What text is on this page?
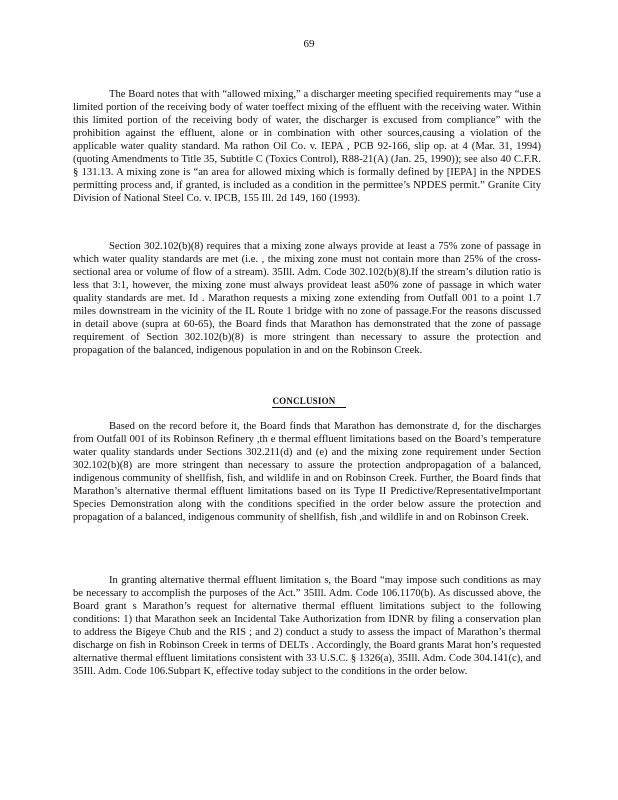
69

The Board notes that with “allowed mixing,” a discharger meeting specified requirements may “use a limited portion of the receiving body of water toeffect mixing of the effluent with the receiving water. Within this limited portion of the receiving body of water, the discharger is excused from compliance” with the prohibition against the effluent, alone or in combination with other sources,causing a violation of the applicable water quality standard. Ma rathon Oil Co. v. IEPA , PCB 92-166, slip op. at 4 (Mar. 31, 1994) (quoting Amendments to Title 35, Subtitle C (Toxics Control), R88-21(A) (Jan. 25, 1990)); see also 40 C.F.R. § 131.13. A mixing zone is “an area for allowed mixing which is formally defined by [IEPA] in the NPDES permitting process and, if granted, is included as a condition in the permittee’s NPDES permit.” Granite City Division of National Steel Co. v. IPCB, 155 Ill. 2d 149, 160 (1993).

Section 302.102(b)(8) requires that a mixing zone always provide at least a 75% zone of passage in which water quality standards are met (i.e. , the mixing zone must not contain more than 25% of the cross-sectional area or volume of flow of a stream). 35Ill. Adm. Code 302.102(b)(8).If the stream’s dilution ratio is less that 3:1, however, the mixing zone must always provideat least a50% zone of passage in which water quality standards are met. Id . Marathon requests a mixing zone extending from Outfall 001 to a point 1.7 miles downstream in the vicinity of the IL Route 1 bridge with no zone of passage.For the reasons discussed in detail above (supra at 60-65), the Board finds that Marathon has demonstrated that the zone of passage requirement of Section 302.102(b)(8) is more stringent than necessary to assure the protection and propagation of the balanced, indigenous population in and on the Robinson Creek.

CONCLUSION

Based on the record before it, the Board finds that Marathon has demonstrate d, for the discharges from Outfall 001 of its Robinson Refinery ,th e thermal effluent limitations based on the Board’s temperature water quality standards under Sections 302.211(d) and (e) and the mixing zone requirement under Section 302.102(b)(8) are more stringent than necessary to assure the protection andpropagation of a balanced, indigenous community of shellfish, fish, and wildlife in and on Robinson Creek. Further, the Board finds that Marathon’s alternative thermal effluent limitations based on its Type II Predictive/RepresentativeImportant Species Demonstration along with the conditions specified in the order below assure the protection and propagation of a balanced, indigenous community of shellfish, fish ,and wildlife in and on Robinson Creek.

In granting alternative thermal effluent limitation s, the Board “may impose such conditions as may be necessary to accomplish the purposes of the Act.” 35Ill. Adm. Code 106.1170(b). As discussed above, the Board grant s Marathon’s request for alternative thermal effluent limitations subject to the following conditions: 1) that Marathon seek an Incidental Take Authorization from IDNR by filing a conservation plan to address the Bigeye Chub and the RIS ; and 2) conduct a study to assess the impact of Marathon’s thermal discharge on fish in Robinson Creek in terms of DELTs . Accordingly, the Board grants Marat hon’s requested alternative thermal effluent limitations consistent with 33 U.S.C. § 1326(a), 35Ill. Adm. Code 304.141(c), and 35Ill. Adm. Code 106.Subpart K, effective today subject to the conditions in the order below.
